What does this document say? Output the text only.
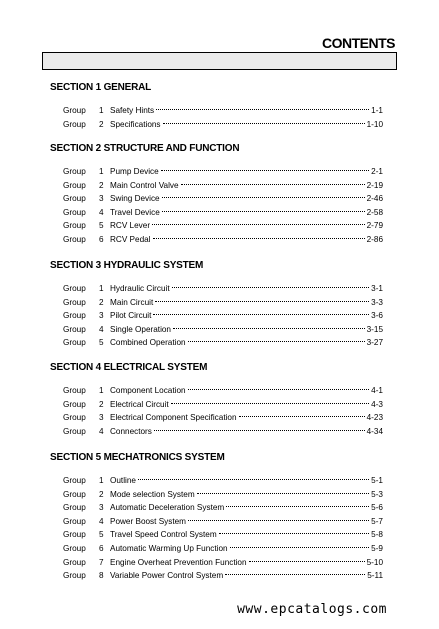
CONTENTS
SECTION 1 GENERAL
Group	1 Safety Hints	1-1
Group	2 Specifications	1-10
SECTION 2 STRUCTURE AND FUNCTION
Group	1 Pump Device	2-1
Group	2 Main Control Valve	2-19
Group	3 Swing Device	2-46
Group	4 Travel Device	2-58
Group	5 RCV Lever	2-79
Group	6 RCV Pedal	2-86
SECTION 3 HYDRAULIC SYSTEM
Group	1 Hydraulic Circuit	3-1
Group	2 Main Circuit	3-3
Group	3 Pilot Circuit	3-6
Group	4 Single Operation	3-15
Group	5 Combined Operation	3-27
SECTION 4 ELECTRICAL SYSTEM
Group	1 Component Location	4-1
Group	2 Electrical Circuit	4-3
Group	3 Electrical Component Specification	4-23
Group	4 Connectors	4-34
SECTION 5 MECHATRONICS SYSTEM
Group	1 Outline	5-1
Group	2 Mode selection System	5-3
Group	3 Automatic Deceleration System	5-6
Group	4 Power Boost System	5-7
Group	5 Travel Speed Control System	5-8
Group	6 Automatic Warming Up Function	5-9
Group	7 Engine Overheat Prevention Function	5-10
Group	8 Variable Power Control System	5-11
www.epcatalogs.com
